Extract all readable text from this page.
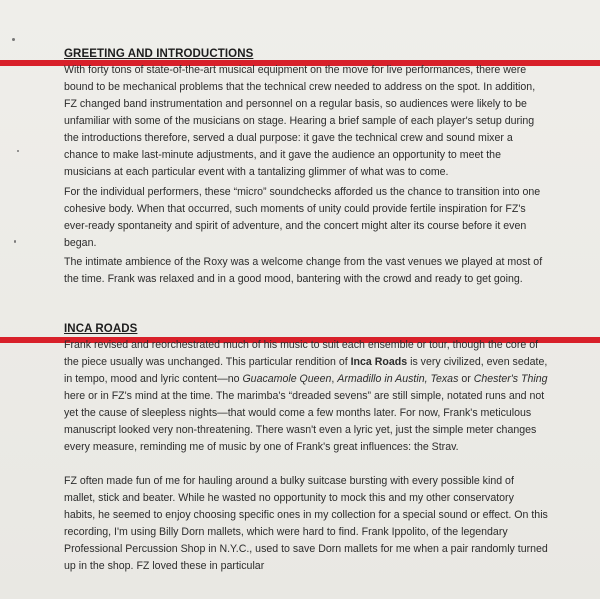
GREETING AND INTRODUCTIONS

With forty tons of state-of-the-art musical equipment on the move for live performances, there were bound to be mechanical problems that the technical crew needed to address on the spot. In addition, FZ changed band instrumentation and personnel on a regular basis, so audiences were likely to be unfamiliar with some of the musicians on stage. Hearing a brief sample of each player's setup during the introductions therefore, served a dual purpose: it gave the technical crew and sound mixer a chance to make last-minute adjustments, and it gave the audience an opportunity to meet the musicians at each particular event with a tantalizing glimmer of what was to come.

For the individual performers, these “micro” soundchecks afforded us the chance to transition into one cohesive body. When that occurred, such moments of unity could provide fertile inspiration for FZ's ever-ready spontaneity and spirit of adventure, and the concert might alter its course before it even began.

The intimate ambience of the Roxy was a welcome change from the vast venues we played at most of the time. Frank was relaxed and in a good mood, bantering with the crowd and ready to get going.

INCA ROADS

Frank revised and reorchestrated much of his music to suit each ensemble or tour, though the core of the piece usually was unchanged. This particular rendition of Inca Roads is very civilized, even sedate, in tempo, mood and lyric content—no Guacamole Queen, Armadillo in Austin, Texas or Chester's Thing here or in FZ's mind at the time. The marimba's “dreaded sevens” are still simple, notated runs and not yet the cause of sleepless nights—that would come a few months later. For now, Frank's meticulous manuscript looked very non-threatening. There wasn't even a lyric yet, just the simple meter changes every measure, reminding me of music by one of Frank's great influences: the Strav.

FZ often made fun of me for hauling around a bulky suitcase bursting with every possible kind of mallet, stick and beater. While he wasted no opportunity to mock this and my other conservatory habits, he seemed to enjoy choosing specific ones in my collection for a special sound or effect. On this recording, I'm using Billy Dorn mallets, which were hard to find. Frank Ippolito, of the legendary Professional Percussion Shop in N.Y.C., used to save Dorn mallets for me when a pair randomly turned up in the shop. FZ loved these in particular
